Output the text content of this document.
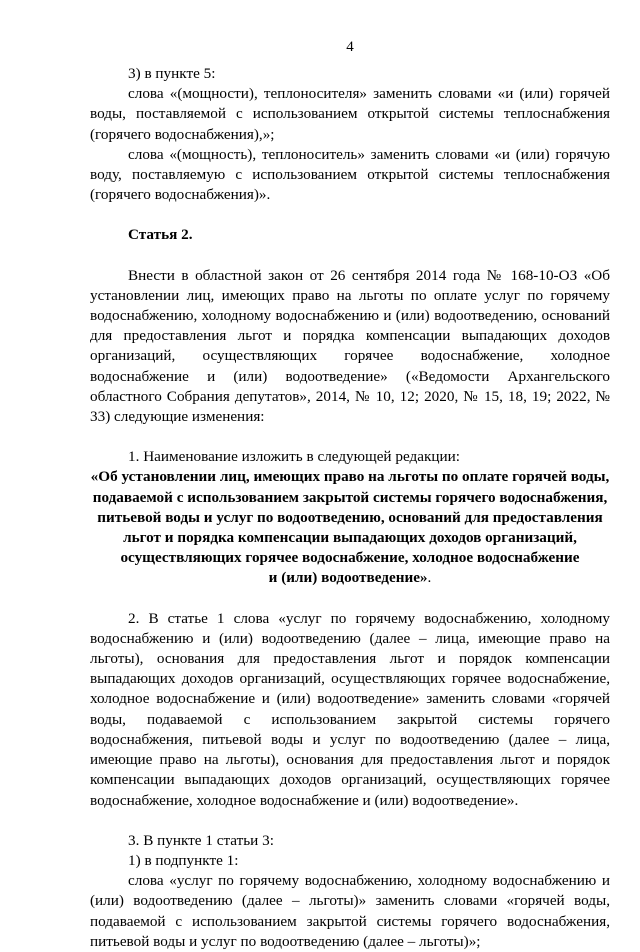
4

3) в пункте 5:

слова «(мощности), теплоносителя» заменить словами «и (или) горячей воды, поставляемой с использованием открытой системы теплоснабжения (горячего водоснабжения),»;

слова «(мощность), теплоноситель» заменить словами «и (или) горячую воду, поставляемую с использованием открытой системы теплоснабжения (горячего водоснабжения)».

Статья 2.

Внести в областной закон от 26 сентября 2014 года № 168-10-ОЗ «Об установлении лиц, имеющих право на льготы по оплате услуг по горячему водоснабжению, холодному водоснабжению и (или) водоотведению, оснований для предоставления льгот и порядка компенсации выпадающих доходов организаций, осуществляющих горячее водоснабжение, холодное водоснабжение и (или) водоотведение» («Ведомости Архангельского областного Собрания депутатов», 2014, № 10, 12; 2020, № 15, 18, 19; 2022, № 33) следующие изменения:

1. Наименование изложить в следующей редакции:

«Об установлении лиц, имеющих право на льготы по оплате горячей воды,
подаваемой с использованием закрытой системы горячего водоснабжения,
питьевой воды и услуг по водоотведению, оснований для предоставления
льгот и порядка компенсации выпадающих доходов организаций,
осуществляющих горячее водоснабжение, холодное водоснабжение
и (или) водоотведение».

2. В статье 1 слова «услуг по горячему водоснабжению, холодному водоснабжению и (или) водоотведению (далее – лица, имеющие право на льготы), основания для предоставления льгот и порядок компенсации выпадающих доходов организаций, осуществляющих горячее водоснабжение, холодное водоснабжение и (или) водоотведение» заменить словами «горячей воды, подаваемой с использованием закрытой системы горячего водоснабжения, питьевой воды и услуг по водоотведению (далее – лица, имеющие право на льготы), основания для предоставления льгот и порядок компенсации выпадающих доходов организаций, осуществляющих горячее водоснабжение, холодное водоснабжение и (или) водоотведение».

3. В пункте 1 статьи 3:

1) в подпункте 1:

слова «услуг по горячему водоснабжению, холодному водоснабжению и (или) водоотведению (далее – льготы)» заменить словами «горячей воды, подаваемой с использованием закрытой системы горячего водоснабжения, питьевой воды и услуг по водоотведению (далее – льготы)»;
